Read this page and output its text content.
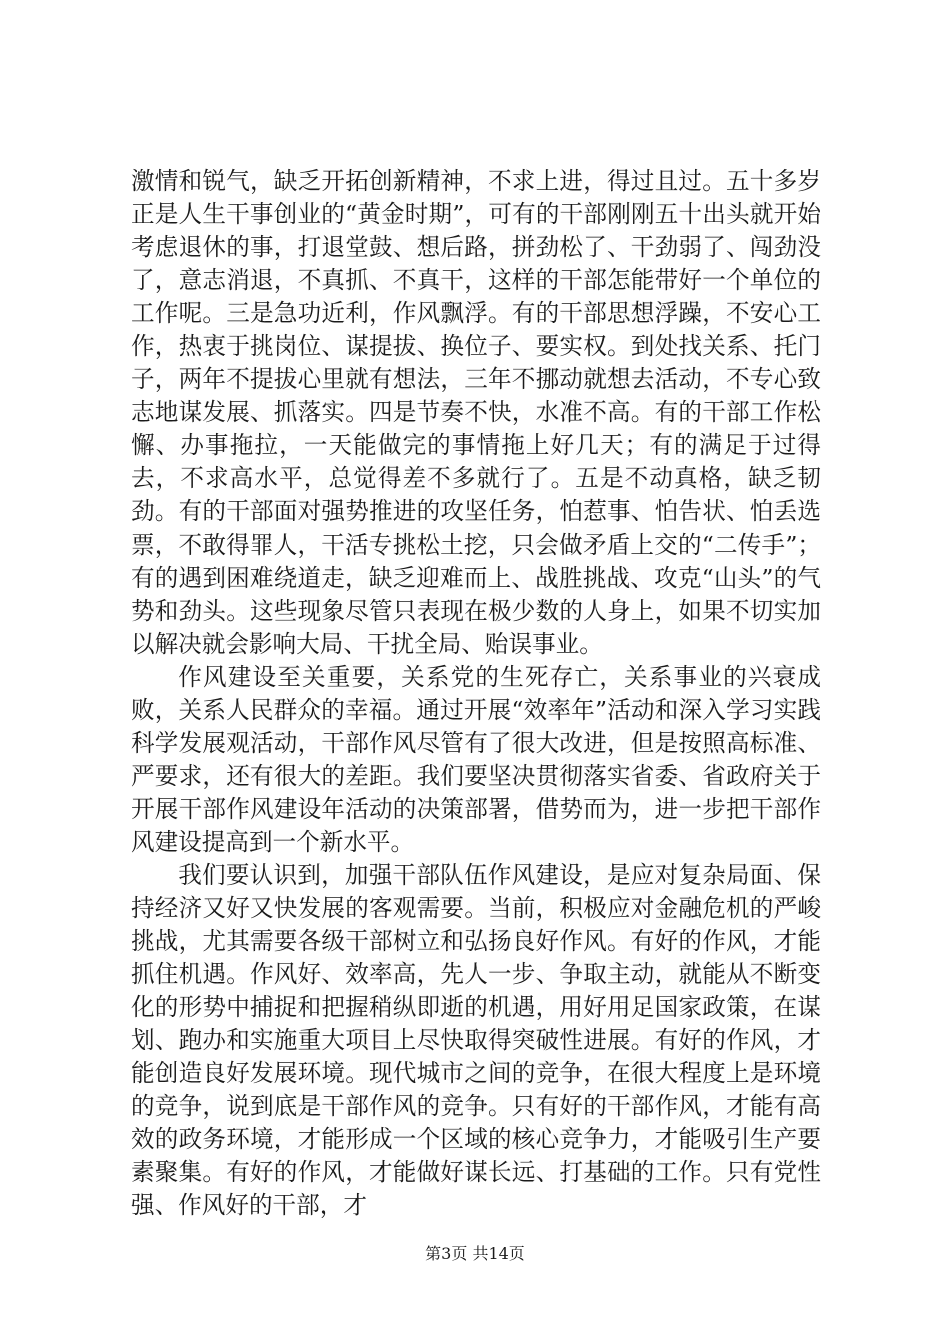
激情和锐气，缺乏开拓创新精神，不求上进，得过且过。五十多岁正是人生干事创业的“黄金时期”，可有的干部刚刚五十出头就开始考虑退休的事，打退堂鼓、想后路，拼劲松了、干劲弱了、闯劲没了，意志消退，不真抓、不真干，这样的干部怎能带好一个单位的工作呢。三是急功近利，作风飘浮。有的干部思想浮躁，不安心工作，热衷于挑岗位、谋提拔、换位子、要实权。到处找关系、托门子，两年不提拔心里就有想法，三年不挪动就想去活动，不专心致志地谋发展、抓落实。四是节奏不快，水准不高。有的干部工作松懈、办事拖拉，一天能做完的事情拖上好几天；有的满足于过得去，不求高水平，总觉得差不多就行了。五是不动真格，缺乏韧劲。有的干部面对强势推进的攻坚任务，怕惹事、怕告状、怕丢选票，不敢得罪人，干活专挑松土挖，只会做矛盾上交的“二传手”；有的遇到困难绕道走，缺乏迎难而上、战胜挑战、攻克“山头”的气势和劲头。这些现象尽管只表现在极少数的人身上，如果不切实加以解决就会影响大局、干扰全局、贻误事业。

作风建设至关重要，关系党的生死存亡，关系事业的兴衰成败，关系人民群众的幸福。通过开展“效率年”活动和深入学习实践科学发展观活动，干部作风尽管有了很大改进，但是按照高标准、严要求，还有很大的差距。我们要坚决贯彻落实省委、省政府关于开展干部作风建设年活动的决策部署，借势而为，进一步把干部作风建设提高到一个新水平。

我们要认识到，加强干部队伍作风建设，是应对复杂局面、保持经济又好又快发展的客观需要。当前，积极应对金融危机的严峻挑战，尤其需要各级干部树立和弘扬良好作风。有好的作风，才能抓住机遇。作风好、效率高，先人一步、争取主动，就能从不断变化的形势中捕捉和把握稍纵即逝的机遇，用好用足国家政策，在谋划、跑办和实施重大项目上尽快取得突破性进展。有好的作风，才能创造良好发展环境。现代城市之间的竞争，在很大程度上是环境的竞争，说到底是干部作风的竞争。只有好的干部作风，才能有高效的政务环境，才能形成一个区域的核心竞争力，才能吸引生产要素聚集。有好的作风，才能做好谋长远、打基础的工作。只有党性强、作风好的干部，才

第3页 共14页
